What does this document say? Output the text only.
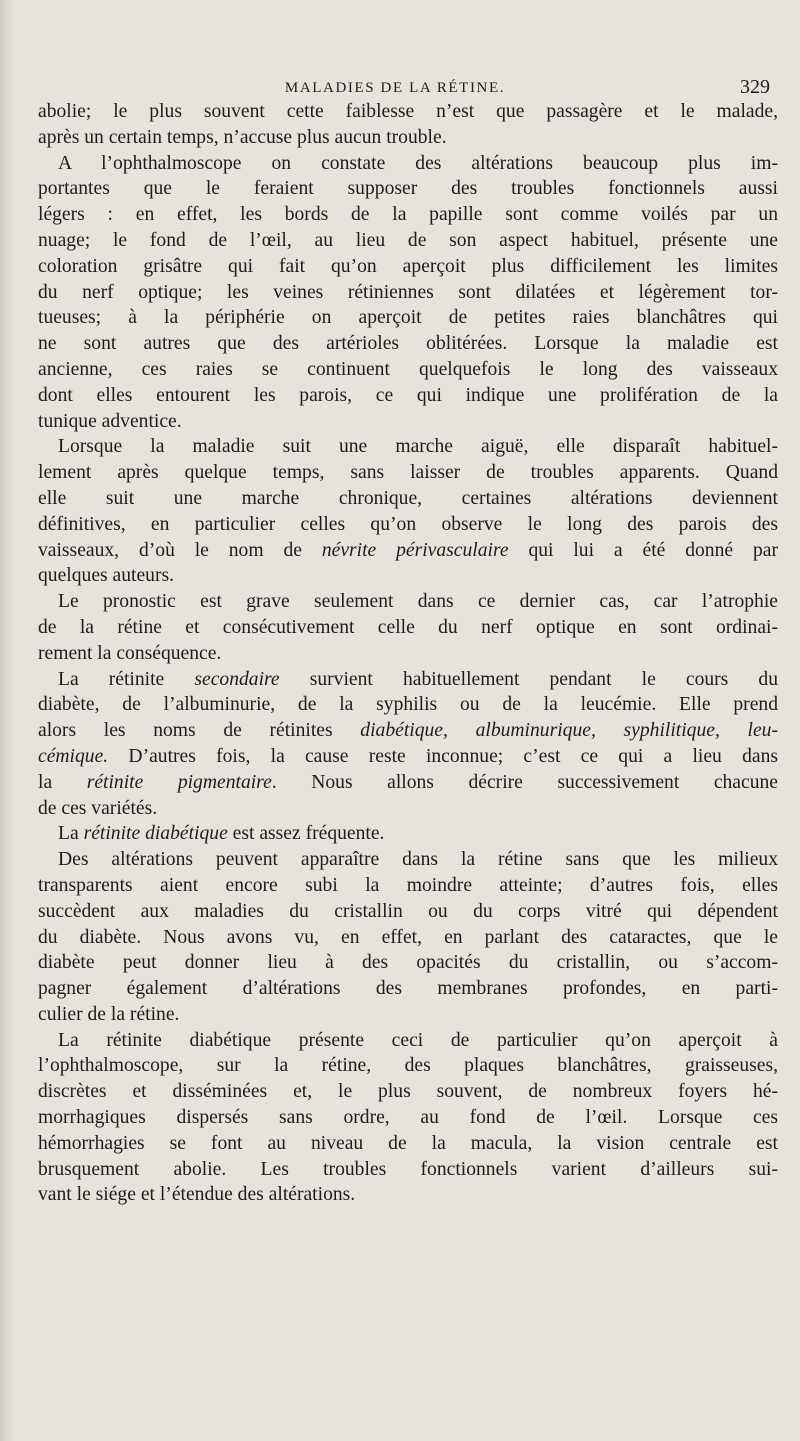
MALADIES DE LA RÉTINE.	329
abolie; le plus souvent cette faiblesse n’est que passagère et le malade,
après un certain temps, n’accuse plus aucun trouble.
A l’ophthalmoscope on constate des altérations beaucoup plus im-
portantes que le feraient supposer des troubles fonctionnels aussi
légers : en effet, les bords de la papille sont comme voilés par un
nuage; le fond de l’œil, au lieu de son aspect habituel, présente une
coloration grisâtre qui fait qu’on aperçoit plus difficilement les limites
du nerf optique; les veines rétiniennes sont dilatées et légèrement tor-
tueuses; à la périphérie on aperçoit de petites raies blanchâtres qui
ne sont autres que des artérioles oblitérées. Lorsque la maladie est
ancienne, ces raies se continuent quelquefois le long des vaisseaux
dont elles entourent les parois, ce qui indique une prolifération de la
tunique adventice.
Lorsque la maladie suit une marche aiguë, elle disparaît habituel-
lement après quelque temps, sans laisser de troubles apparents. Quand
elle suit une marche chronique, certaines altérations deviennent
définitives, en particulier celles qu’on observe le long des parois des
vaisseaux, d’où le nom de névrite périvasculaire qui lui a été donné par
quelques auteurs.
Le pronostic est grave seulement dans ce dernier cas, car l’atrophie
de la rétine et consécutivement celle du nerf optique en sont ordinai-
rement la conséquence.
La rétinite secondaire survient habituellement pendant le cours du
diabète, de l’albuminurie, de la syphilis ou de la leucémie. Elle prend
alors les noms de rétinites diabétique, albuminurique, syphilitique, leu-
cémique. D’autres fois, la cause reste inconnue; c’est ce qui a lieu dans
la rétinite pigmentaire. Nous allons décrire successivement chacune
de ces variétés.
La rétinite diabétique est assez fréquente.
Des altérations peuvent apparaître dans la rétine sans que les milieux
transparents aient encore subi la moindre atteinte; d’autres fois, elles
succèdent aux maladies du cristallin ou du corps vitré qui dépendent
du diabète. Nous avons vu, en effet, en parlant des cataractes, que le
diabète peut donner lieu à des opacités du cristallin, ou s’accom-
pagner également d’altérations des membranes profondes, en parti-
culier de la rétine.
La rétinite diabétique présente ceci de particulier qu’on aperçoit à
l’ophthalmoscope, sur la rétine, des plaques blanchâtres, graisseuses,
discrètes et disséminées et, le plus souvent, de nombreux foyers hé-
morrhagiques dispersés sans ordre, au fond de l’œil. Lorsque ces
hémorrhagies se font au niveau de la macula, la vision centrale est
brusquement abolie. Les troubles fonctionnels varient d’ailleurs sui-
vant le siége et l’étendue des altérations.
